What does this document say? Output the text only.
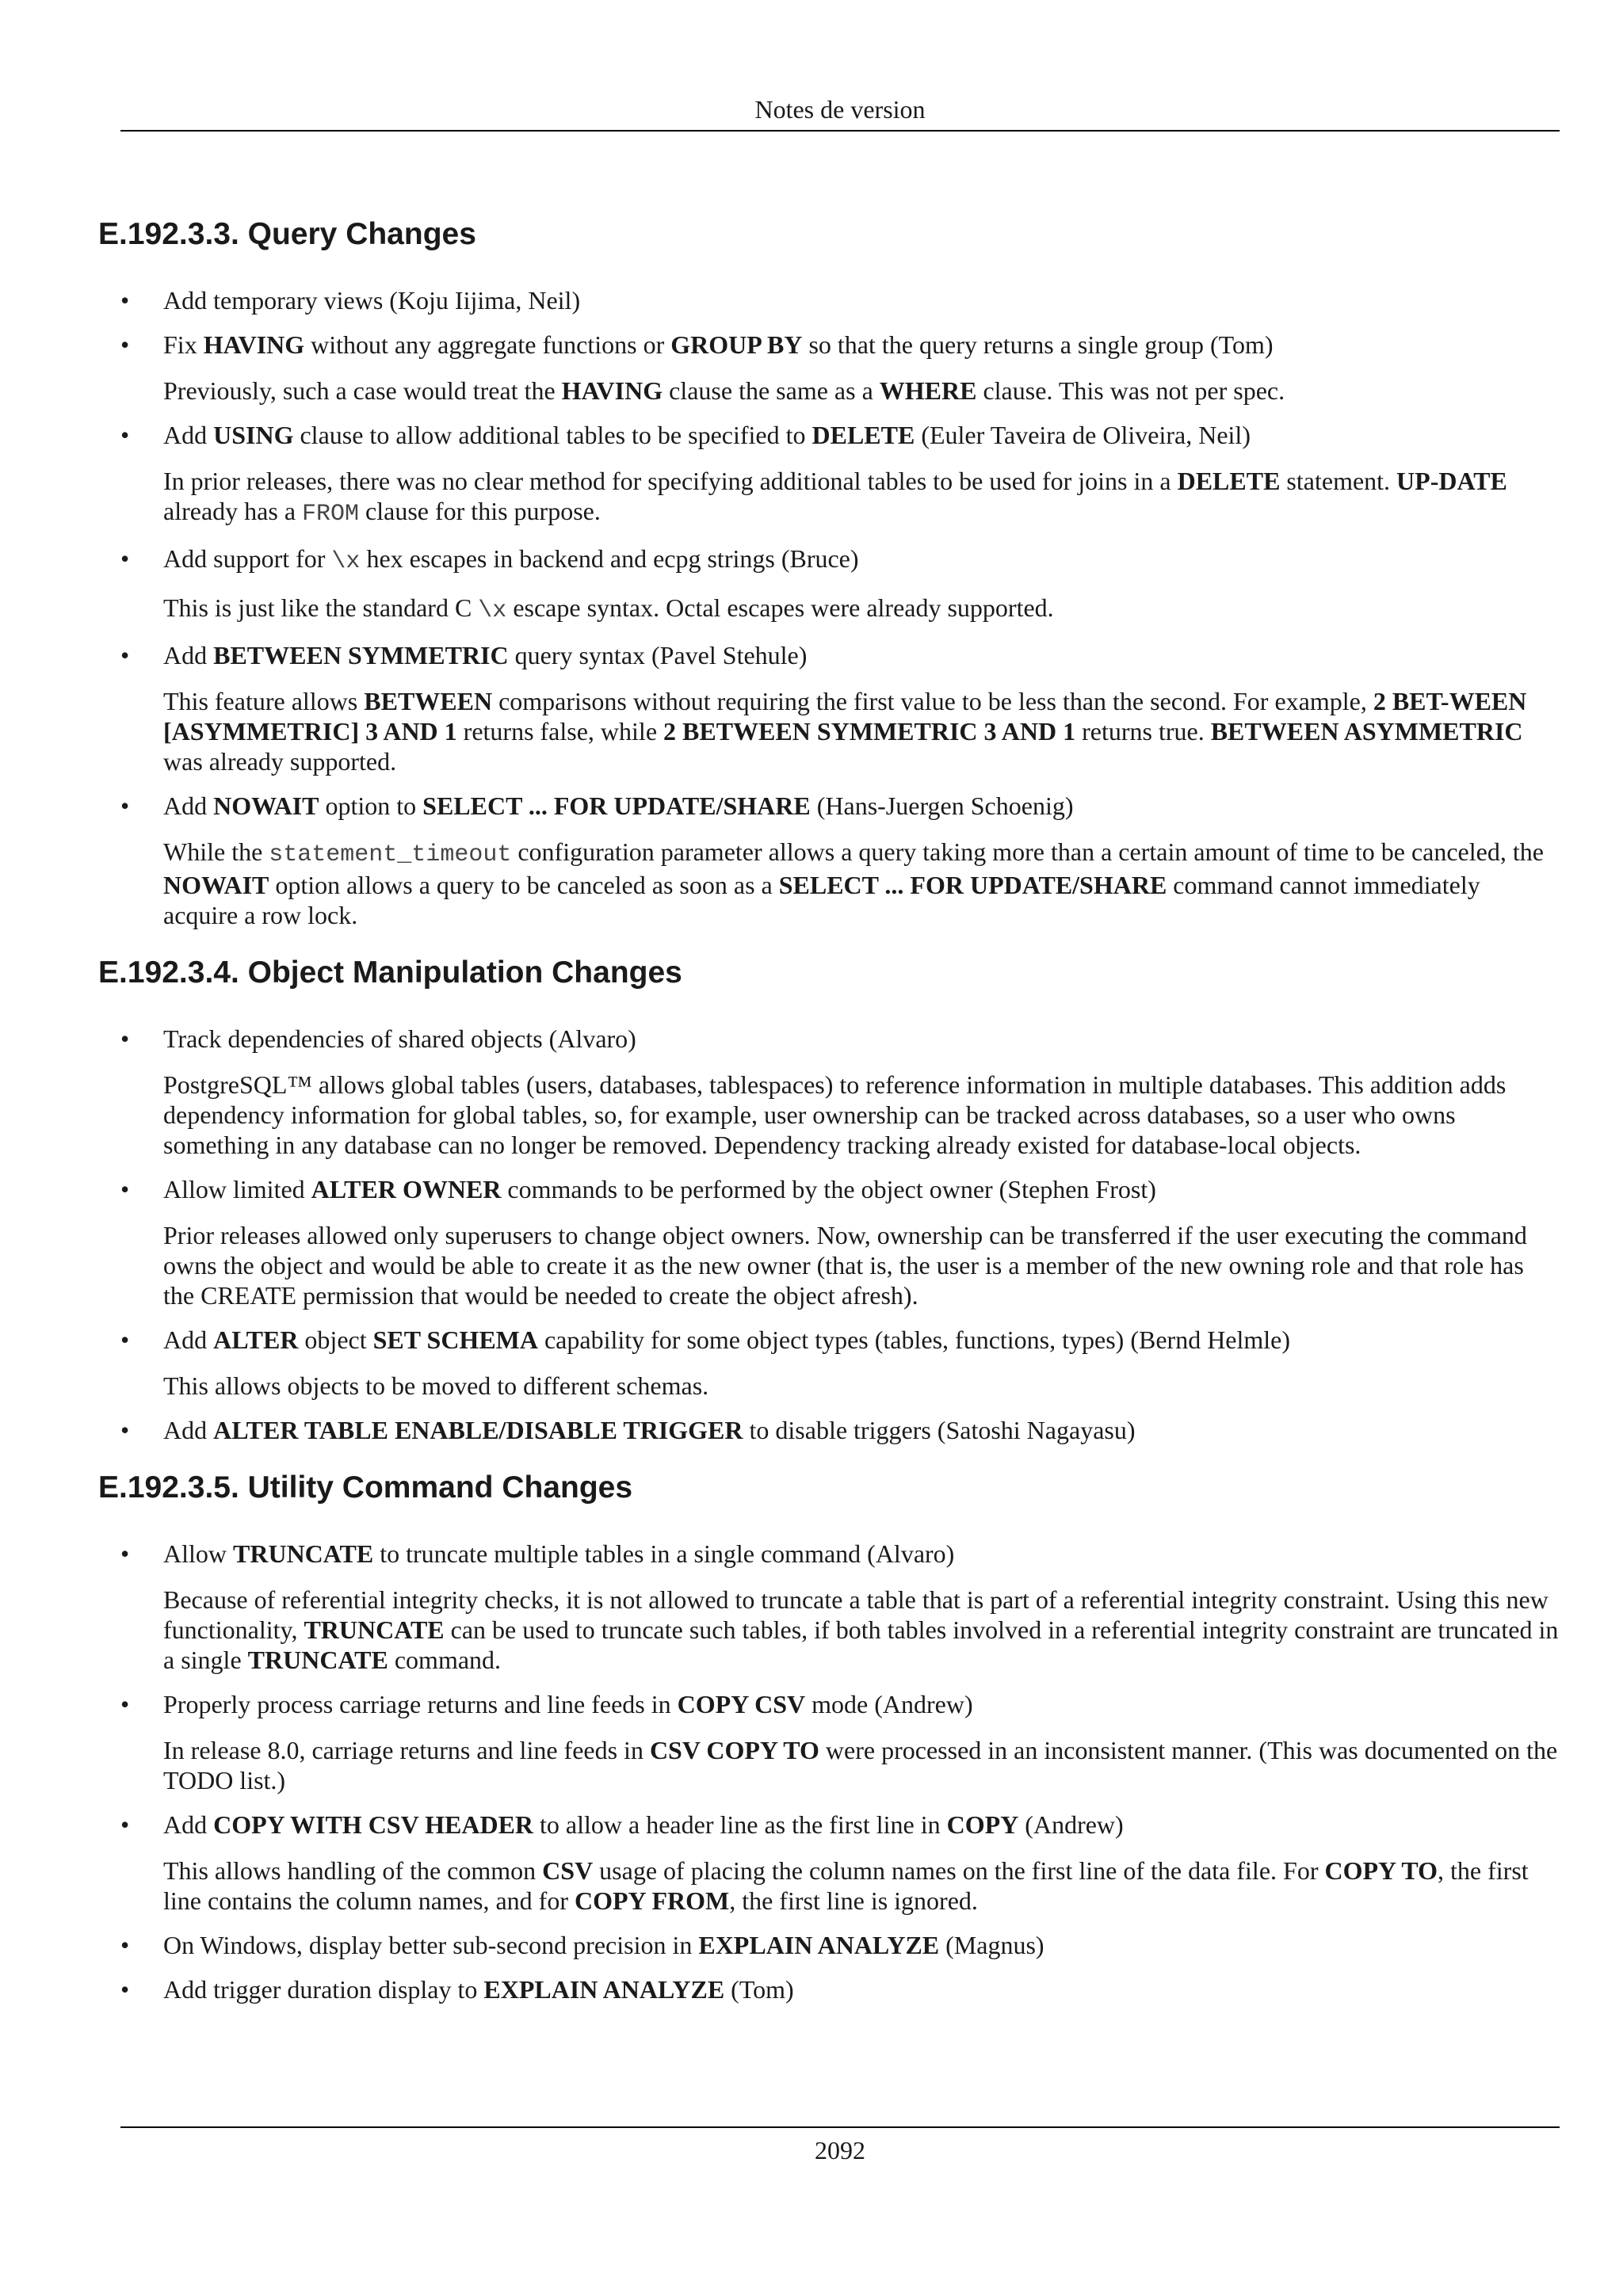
Notes de version
E.192.3.3. Query Changes
• Add temporary views (Koju Iijima, Neil)

• Fix HAVING without any aggregate functions or GROUP BY so that the query returns a single group (Tom)

Previously, such a case would treat the HAVING clause the same as a WHERE clause. This was not per spec.

• Add USING clause to allow additional tables to be specified to DELETE (Euler Taveira de Oliveira, Neil)

In prior releases, there was no clear method for specifying additional tables to be used for joins in a DELETE statement. UP-DATE already has a FROM clause for this purpose.

• Add support for \x hex escapes in backend and ecpg strings (Bruce)

This is just like the standard C \x escape syntax. Octal escapes were already supported.

• Add BETWEEN SYMMETRIC query syntax (Pavel Stehule)

This feature allows BETWEEN comparisons without requiring the first value to be less than the second. For example, 2 BET-WEEN [ASYMMETRIC] 3 AND 1 returns false, while 2 BETWEEN SYMMETRIC 3 AND 1 returns true. BETWEEN ASYMMETRIC was already supported.

• Add NOWAIT option to SELECT ... FOR UPDATE/SHARE (Hans-Juergen Schoenig)

While the statement_timeout configuration parameter allows a query taking more than a certain amount of time to be canceled, the NOWAIT option allows a query to be canceled as soon as a SELECT ... FOR UPDATE/SHARE command cannot immediately acquire a row lock.

E.192.3.4. Object Manipulation Changes
• Track dependencies of shared objects (Alvaro)

PostgreSQL™ allows global tables (users, databases, tablespaces) to reference information in multiple databases. This addition adds dependency information for global tables, so, for example, user ownership can be tracked across databases, so a user who owns something in any database can no longer be removed. Dependency tracking already existed for database-local objects.

• Allow limited ALTER OWNER commands to be performed by the object owner (Stephen Frost)

Prior releases allowed only superusers to change object owners. Now, ownership can be transferred if the user executing the command owns the object and would be able to create it as the new owner (that is, the user is a member of the new owning role and that role has the CREATE permission that would be needed to create the object afresh).

• Add ALTER object SET SCHEMA capability for some object types (tables, functions, types) (Bernd Helmle)

This allows objects to be moved to different schemas.

• Add ALTER TABLE ENABLE/DISABLE TRIGGER to disable triggers (Satoshi Nagayasu)

E.192.3.5. Utility Command Changes
• Allow TRUNCATE to truncate multiple tables in a single command (Alvaro)

Because of referential integrity checks, it is not allowed to truncate a table that is part of a referential integrity constraint. Using this new functionality, TRUNCATE can be used to truncate such tables, if both tables involved in a referential integrity constraint are truncated in a single TRUNCATE command.

• Properly process carriage returns and line feeds in COPY CSV mode (Andrew)

In release 8.0, carriage returns and line feeds in CSV COPY TO were processed in an inconsistent manner. (This was documented on the TODO list.)

• Add COPY WITH CSV HEADER to allow a header line as the first line in COPY (Andrew)

This allows handling of the common CSV usage of placing the column names on the first line of the data file. For COPY TO, the first line contains the column names, and for COPY FROM, the first line is ignored.

• On Windows, display better sub-second precision in EXPLAIN ANALYZE (Magnus)

• Add trigger duration display to EXPLAIN ANALYZE (Tom)

2092
